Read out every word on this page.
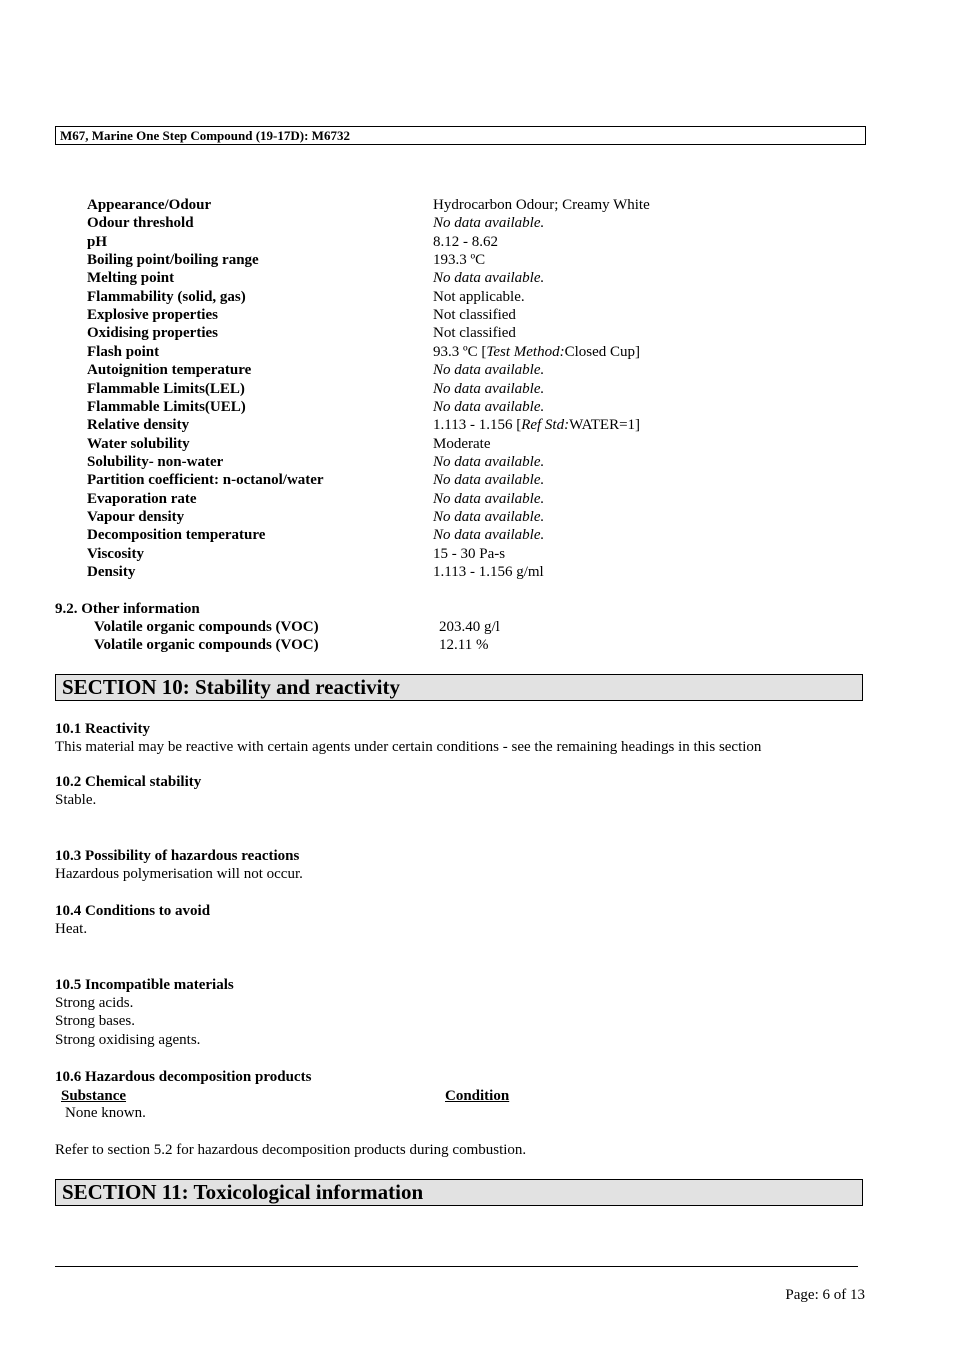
M67, Marine One Step Compound (19-17D): M6732
Appearance/Odour	Hydrocarbon Odour; Creamy White
Odour threshold	No data available.
pH	8.12 - 8.62
Boiling point/boiling range	193.3 ºC
Melting point	No data available.
Flammability (solid, gas)	Not applicable.
Explosive properties	Not classified
Oxidising properties	Not classified
Flash point	93.3 ºC [Test Method:Closed Cup]
Autoignition temperature	No data available.
Flammable Limits(LEL)	No data available.
Flammable Limits(UEL)	No data available.
Relative density	1.113 - 1.156 [Ref Std:WATER=1]
Water solubility	Moderate
Solubility- non-water	No data available.
Partition coefficient: n-octanol/water	No data available.
Evaporation rate	No data available.
Vapour density	No data available.
Decomposition temperature	No data available.
Viscosity	15 - 30 Pa-s
Density	1.113 - 1.156 g/ml
9.2. Other information
Volatile organic compounds (VOC)	203.40 g/l
Volatile organic compounds (VOC)	12.11 %
SECTION 10: Stability and reactivity
10.1 Reactivity
This material may be reactive with certain agents under certain conditions - see the remaining headings in this section
10.2 Chemical stability
Stable.
10.3 Possibility of hazardous reactions
Hazardous polymerisation will not occur.
10.4 Conditions to avoid
Heat.
10.5 Incompatible materials
Strong acids.
Strong bases.
Strong oxidising agents.
10.6 Hazardous decomposition products
Substance	Condition
None known.
Refer to section 5.2 for hazardous decomposition products during combustion.
SECTION 11: Toxicological information
Page: 6 of 13
